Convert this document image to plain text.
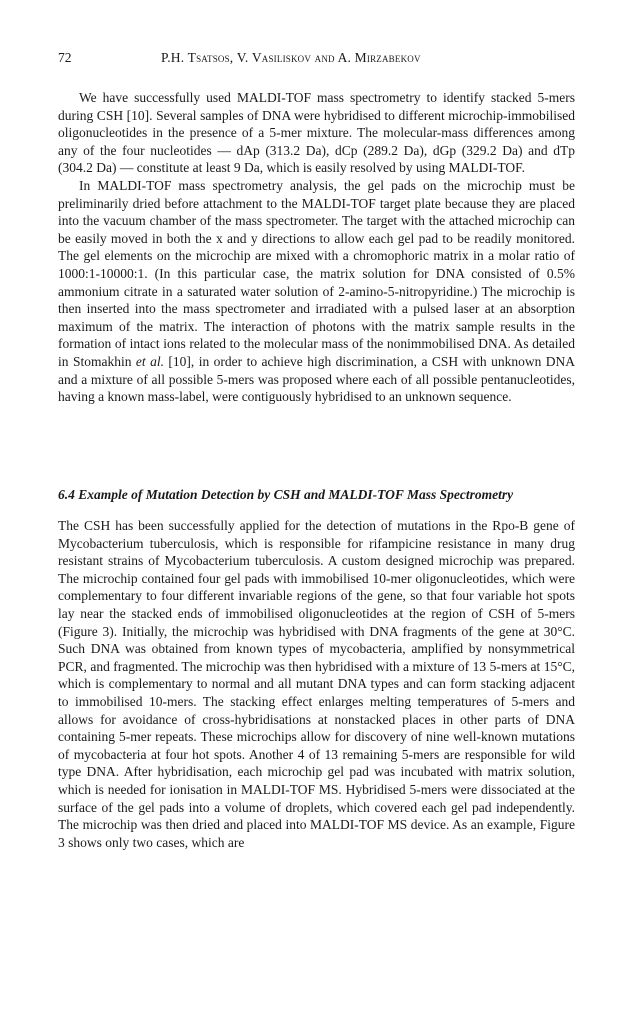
72	P.H. Tsatsos, V. Vasiliskov and A. Mirzabekov

We have successfully used MALDI-TOF mass spectrometry to identify stacked 5-mers during CSH [10]. Several samples of DNA were hybridised to different microchip-immobilised oligonucleotides in the presence of a 5-mer mixture. The molecular-mass differences among any of the four nucleotides — dAp (313.2 Da), dCp (289.2 Da), dGp (329.2 Da) and dTp (304.2 Da) — constitute at least 9 Da, which is easily resolved by using MALDI-TOF.

In MALDI-TOF mass spectrometry analysis, the gel pads on the microchip must be preliminarily dried before attachment to the MALDI-TOF target plate because they are placed into the vacuum chamber of the mass spectrometer. The target with the attached microchip can be easily moved in both the x and y directions to allow each gel pad to be readily monitored. The gel elements on the microchip are mixed with a chromophoric matrix in a molar ratio of 1000:1-10000:1. (In this particular case, the matrix solution for DNA consisted of 0.5% ammonium citrate in a saturated water solution of 2-amino-5-nitropyridine.) The microchip is then inserted into the mass spectrometer and irradiated with a pulsed laser at an absorption maximum of the matrix. The interaction of photons with the matrix sample results in the formation of intact ions related to the molecular mass of the nonimmobilised DNA. As detailed in Stomakhin et al. [10], in order to achieve high discrimination, a CSH with unknown DNA and a mixture of all possible 5-mers was proposed where each of all possible pentanucleotides, having a known mass-label, were contiguously hybridised to an unknown sequence.

6.4 Example of Mutation Detection by CSH and MALDI-TOF Mass Spectrometry

The CSH has been successfully applied for the detection of mutations in the Rpo-B gene of Mycobacterium tuberculosis, which is responsible for rifampicine resistance in many drug resistant strains of Mycobacterium tuberculosis. A custom designed microchip was prepared. The microchip contained four gel pads with immobilised 10-mer oligonucleotides, which were complementary to four different invariable regions of the gene, so that four variable hot spots lay near the stacked ends of immobilised oligonucleotides at the region of CSH of 5-mers (Figure 3). Initially, the microchip was hybridised with DNA fragments of the gene at 30°C. Such DNA was obtained from known types of mycobacteria, amplified by nonsymmetrical PCR, and fragmented. The microchip was then hybridised with a mixture of 13 5-mers at 15°C, which is complementary to normal and all mutant DNA types and can form stacking adjacent to immobilised 10-mers. The stacking effect enlarges melting temperatures of 5-mers and allows for avoidance of cross-hybridisations at nonstacked places in other parts of DNA containing 5-mer repeats. These microchips allow for discovery of nine well-known mutations of mycobacteria at four hot spots. Another 4 of 13 remaining 5-mers are responsible for wild type DNA. After hybridisation, each microchip gel pad was incubated with matrix solution, which is needed for ionisation in MALDI-TOF MS. Hybridised 5-mers were dissociated at the surface of the gel pads into a volume of droplets, which covered each gel pad independently. The microchip was then dried and placed into MALDI-TOF MS device. As an example, Figure 3 shows only two cases, which are
